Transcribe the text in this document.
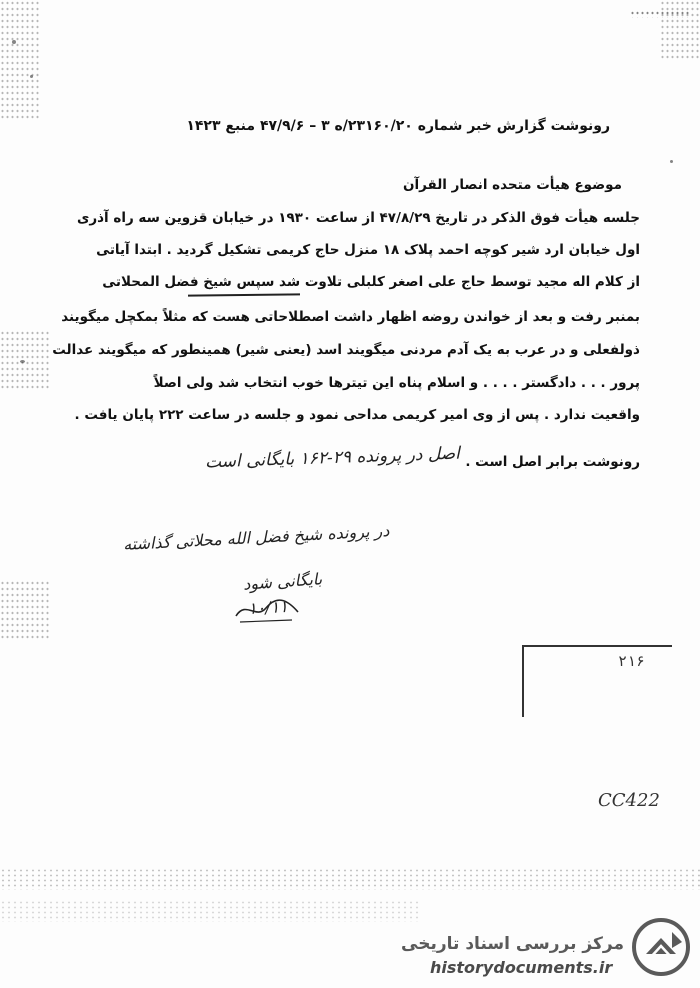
رونوشت گزارش خبر شماره ۲۳۱۶۰/۲۰/ه ۳ – ۴۷/۹/۶ منبع ۱۴۲۳
موضوع هیأت متحده انصار القرآن
جلسه هیأت فوق الذکر در تاریخ ۴۷/۸/۲۹ از ساعت ۱۹۳۰ در خیابان قزوین سه راه آذری
اول خیابان ارد شیر کوچه احمد پلاک ۱۸ منزل حاج کریمی تشکیل گردید . ابتدا آیاتی
از کلام اله مجید توسط حاج علی اصغر کلبلی تلاوت شد سپس شیخ فضل المحلاتی
بمنبر رفت و بعد از خواندن روضه اظهار داشت اصطلاحاتی هست که مثلاً بمکچل میگویند
ذولفعلی و در عرب به یک آدم مردنی میگویند اسد (یعنی شیر) همینطور که میگویند عدالت
پرور . . . دادگستر . . . . و اسلام پناه این تیترها خوب انتخاب شد ولی اصلاً
واقعیت ندارد . پس از وی امیر کریمی مداحی نمود و جلسه در ساعت ۲۲۲ پایان یافت .
رونوشت برابر اصل است .
اصل در پرونده ۲۹-۱۶۲ بایگانی است
در پرونده شیخ فضل الله محلاتی گذاشته
بایگانی شود
۱۰/۱۱
۲۱۶
CC422
مرکز بررسی اسناد تاریخی
historydocuments.ir
